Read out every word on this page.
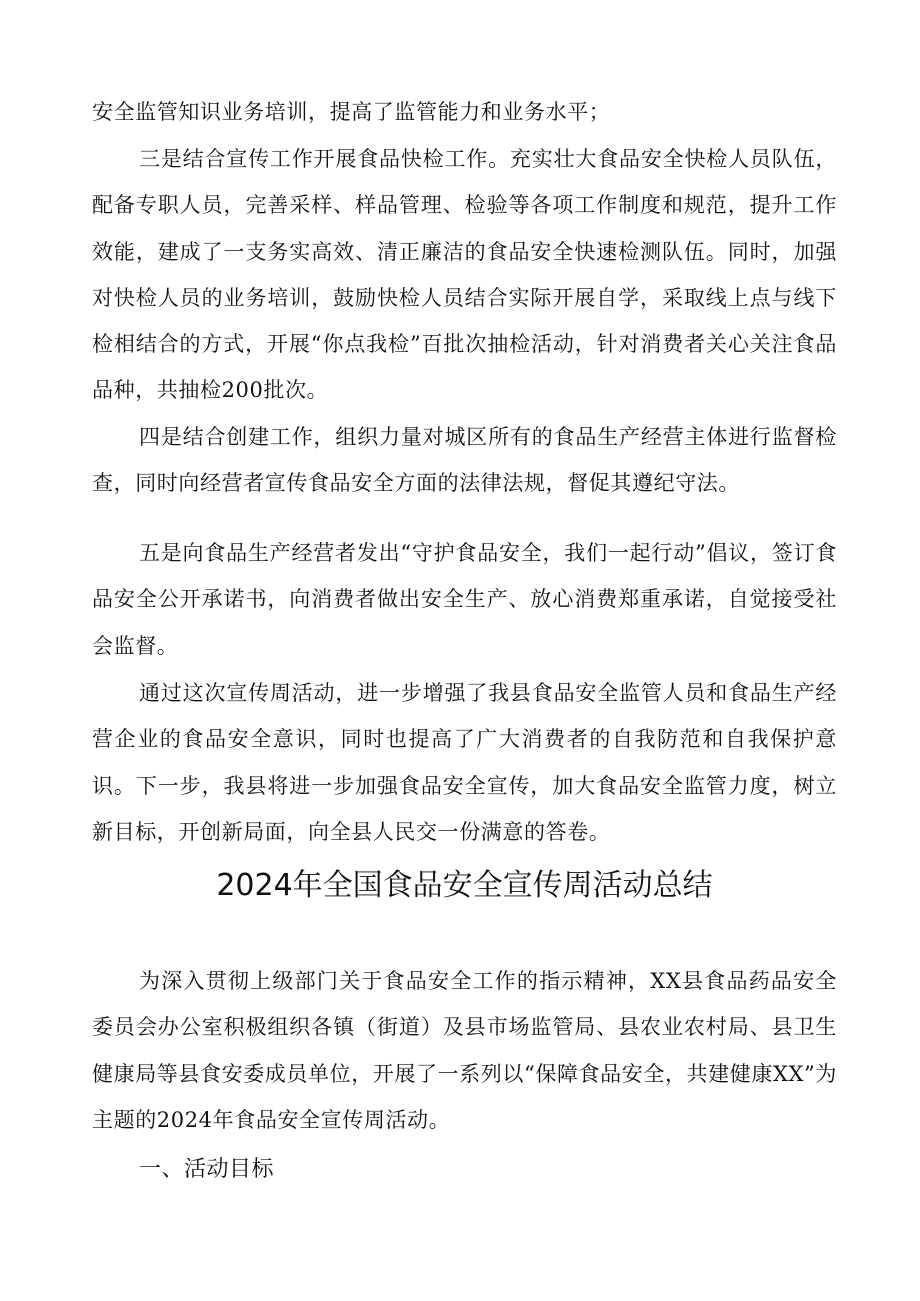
安全监管知识业务培训，提高了监管能力和业务水平；

三是结合宣传工作开展食品快检工作。充实壮大食品安全快检人员队伍，配备专职人员，完善采样、样品管理、检验等各项工作制度和规范，提升工作效能，建成了一支务实高效、清正廉洁的食品安全快速检测队伍。同时，加强对快检人员的业务培训，鼓励快检人员结合实际开展自学，采取线上点与线下检相结合的方式，开展“你点我检”百批次抽检活动，针对消费者关心关注食品品种，共抽检200批次。

四是结合创建工作，组织力量对城区所有的食品生产经营主体进行监督检查，同时向经营者宣传食品安全方面的法律法规，督促其遵纪守法。

五是向食品生产经营者发出“守护食品安全，我们一起行动”倡议，签订食品安全公开承诺书，向消费者做出安全生产、放心消费郑重承诺，自觉接受社会监督。

通过这次宣传周活动，进一步增强了我县食品安全监管人员和食品生产经营企业的食品安全意识，同时也提高了广大消费者的自我防范和自我保护意识。下一步，我县将进一步加强食品安全宣传，加大食品安全监管力度，树立新目标，开创新局面，向全县人民交一份满意的答卷。

2024年全国食品安全宣传周活动总结

为深入贯彻上级部门关于食品安全工作的指示精神，XX县食品药品安全委员会办公室积极组织各镇（街道）及县市场监管局、县农业农村局、县卫生健康局等县食安委成员单位，开展了一系列以“保障食品安全，共建健康XX”为主题的2024年食品安全宣传周活动。

一、活动目标
